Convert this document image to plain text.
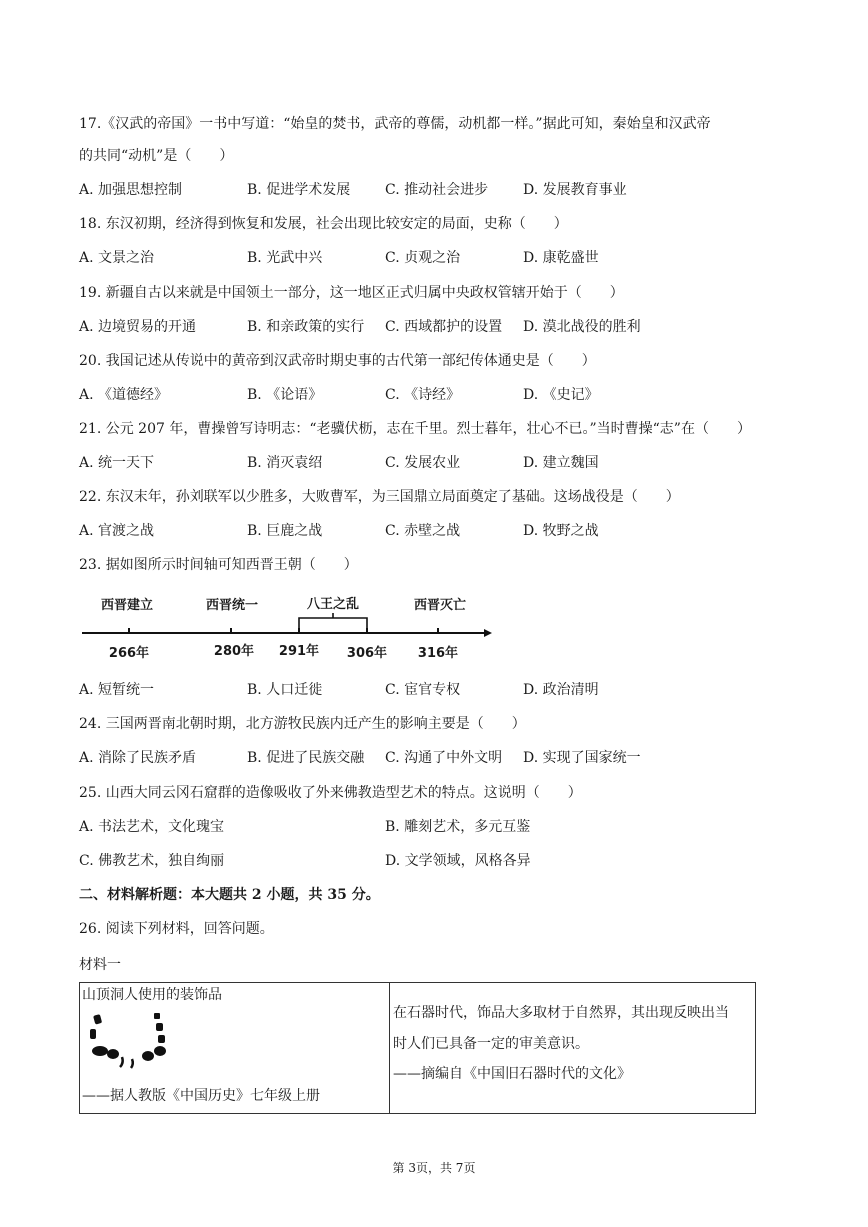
17.《汉武的帝国》一书中写道：“始皇的焚书，武帝的尊儒，动机都一样。”据此可知，秦始皇和汉武帝
的共同“动机”是（　　）
A. 加强思想控制	B. 促进学术发展 C. 推动社会进步 D. 发展教育事业
18. 东汉初期，经济得到恢复和发展，社会出现比较安定的局面，史称（　　）
A. 文景之治	B. 光武中兴	C. 贞观之治	D. 康乾盛世
19. 新疆自古以来就是中国领土一部分，这一地区正式归属中央政权管辖开始于（　　）
A. 边境贸易的开通	B. 和亲政策的实行 C. 西域都护的设置 D. 漠北战役的胜利
20. 我国记述从传说中的黄帝到汉武帝时期史事的古代第一部纪传体通史是（　　）
A. 《道德经》	B. 《论语》	C. 《诗经》	D. 《史记》
21. 公元 207 年，曹操曾写诗明志：“老骥伏枥，志在千里。烈士暮年，壮心不已。”当时曹操“志”在（　　）
A. 统一天下	B. 消灭袁绍	C. 发展农业	D. 建立魏国
22. 东汉末年，孙刘联军以少胜多，大败曹军，为三国鼎立局面奠定了基础。这场战役是（　　）
A. 官渡之战	B. 巨鹿之战	C. 赤壁之战	D. 牧野之战
23. 据如图所示时间轴可知西晋王朝（　　）
西晋建立	西晋统一	八王之乱	西晋灭亡
266年	280年 291年 306年 316年
A. 短暂统一	B. 人口迁徙	C. 宦官专权	D. 政治清明
24. 三国两晋南北朝时期，北方游牧民族内迁产生的影响主要是（　　）
A. 消除了民族矛盾	B. 促进了民族交融 C. 沟通了中外文明 D. 实现了国家统一
25. 山西大同云冈石窟群的造像吸收了外来佛教造型艺术的特点。这说明（　　）
A. 书法艺术，文化瑰宝	B. 雕刻艺术，多元互鉴
C. 佛教艺术，独自绚丽	D. 文学领域，风格各异
二、材料解析题：本大题共 2 小题，共 35 分。
26. 阅读下列材料，回答问题。
材料一
山顶洞人使用的装饰品
——据人教版《中国历史》七年级上册
在石器时代，饰品大多取材于自然界，其出现反映出当
时人们已具备一定的审美意识。
——摘编自《中国旧石器时代的文化》
第 3页，共 7页
